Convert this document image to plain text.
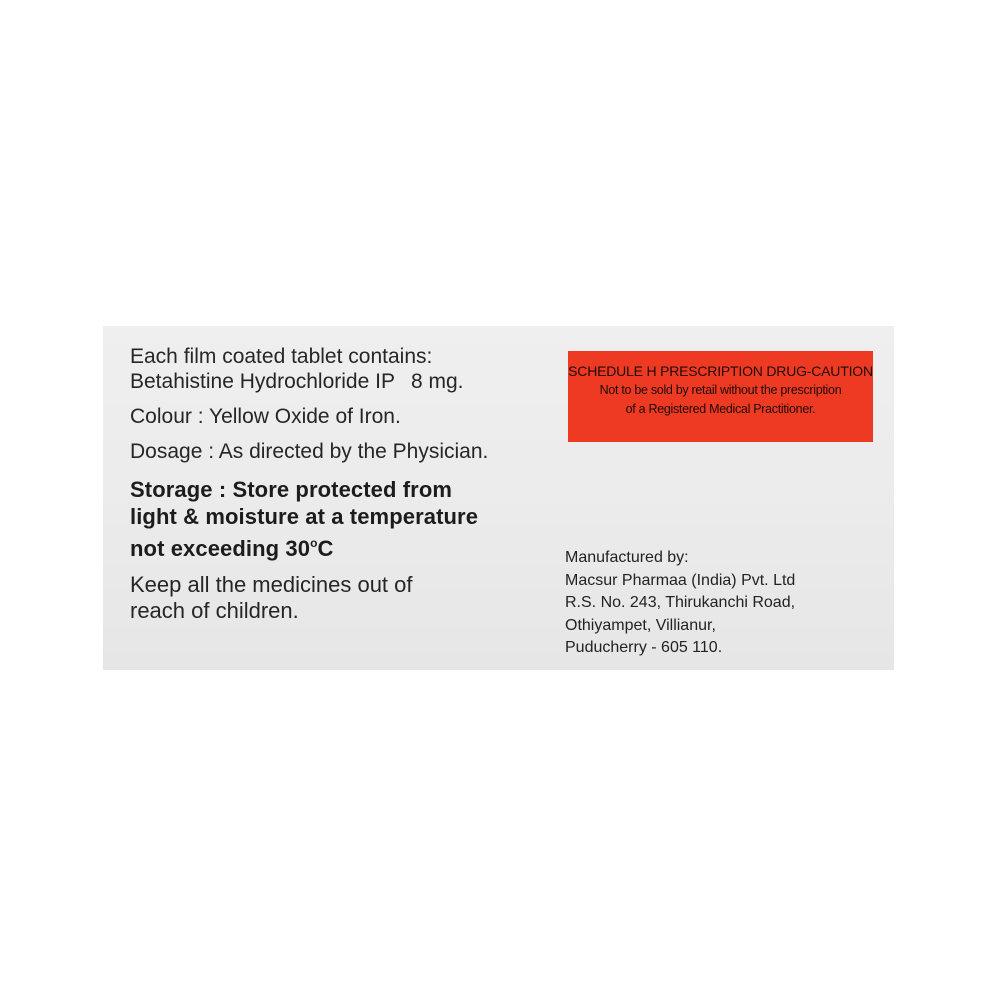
Each film coated tablet contains:
Betahistine Hydrochloride IP 8 mg.
Colour : Yellow Oxide of Iron.
Dosage : As directed by the Physician.
Storage : Store protected from
light & moisture at a temperature
not exceeding 30$^o$C
Keep all the medicines out of
reach of children.
SCHEDULE H PRESCRIPTION DRUG-CAUTION
Not to be sold by retail without the prescription
of a Registered Medical Practitioner.
Manufactured by:
Macsur Pharmaa (India) Pvt. Ltd
R.S. No. 243, Thirukanchi Road,
Othiyampet, Villianur,
Puducherry - 605 110.
